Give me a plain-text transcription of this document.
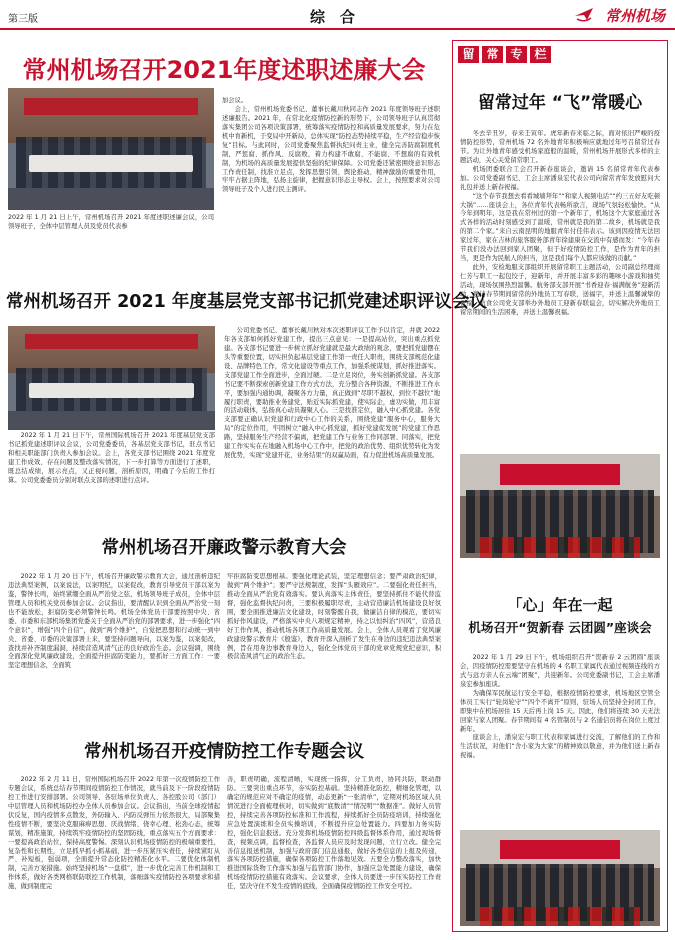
第三版	综　合	常州机场
常州机场召开2021年度述职述廉大会
2022 年 1 月 21 日上午，常州机场召开 2021 年度述职述廉会议，公司领导班子，全体中层管理人员及党员代表参

加会议。

会上，常州机场党委书记、董事长戴川秋同志作 2021 年度领导班子述职述廉报告。2021 年，在常北化疫情防控新的形势下，公司领导班子认真贯彻落实集团公司各项决策部署，统筹落实疫情防控和高质量发展要求，努力在危机中育新机，于变局中开新局，总体实现“防控态势持续平稳，生产经营稳步恢复”目标。与此同时，公司党委聚焦监督执纪问责主业，健全完善防腐制度机制，严惩腐、抓作风、反腐败，着力构建不敢腐、不能腐、不想腐的有效机制，为机场的高质量发展提供坚强的纪律保障。公司党委还紧密围绕意识形态工作责任制，找准立足点，发挥思想引领、舆论推动、精神激励的重要作用，牢牢占据主阵地，弘扬主旋律，把握意识形态主导权。会上，按照要求对公司领导班子及个人进行民主测评。

常州机场召开 2021 年度基层党支部书记抓党建述职评议会议
2022 年 1 月 21 日下午，常州国际机场召开 2021 年度基层党支部书记抓党建述职评议会议，公司党委委员，各基层党支部书记，驻点书记和相关职能部门负责人参加会议。会上，各党支部书记围绕 2021 年度党建工作成效、存在问题及整改落实情况，下一步打算等方面进行了述职，既总结成绩，展示亮点，又正视问题，剖析原因，明确了今后的工作打算。公司党委委员分别对联点支部的述职进行点评。

公司党委书记、董事长戴川秋对本次述职评议工作予以肯定，并就 2022 年各支部如何抓好党建工作，提出三点意见：一是提高站位，突出重点抓党建。各支部书记要进一步树立抓好党建就是最大政绩的观念，要把抓党建摆在头等重要位置，切实担负起基层党建工作第一责任人职责，围绕支部规范化建设、品牌特色工作，常文化建设等重点工作，加强系统谋划，抓好推进落实。支部党建工作全面进步，全面过硬。二是立足岗位，务实创新抓党建。各支部书记要不断探索创新党建工作方式方法，充分整合各种资源，不断推进工作水平，要加强内通协调，凝聚各方力量，真正做到“尽职不越权，到位不越位”地履行职责，要助推业务建党，贴近实际抓党建，使实际企，虚功实做，用丰富的活动载体，弘扬真心动员凝聚人心。三是找准定位，融入中心抓党建。各党支部要正确认识党建和行政中心工作的关系，围绕党建“服务中心，服务大局”的定位作用，牢固树立“融入中心抓党建，抓好党建促发展”的党建工作思路，坚持服务生产经营不偏离，把党建工作与业务工作同部署、同落实，把党建工作实实在在地融入机场中心工作中，把党的政治优势、组织优势转化为发展优势，实现“党建开花，业务结果”的双赢局面，有力促进机场高质量发展。

常州机场召开廉政警示教育大会

2022 年 1 月 20 日下午，机场召开廉政警示教育大会，通过剖析违纪违法典型案例，以案说法，以案明纪，以案促改，教育引导党员干部以案为鉴，警钟长鸣，始终紧绷全面从严治党之弦，机场领导班子成员，全体中层管理人员和机关党员参加会议。会议指出，要清醒认识到全面从严治党一刻也不能放松，拒腐防变必须警钟长鸣。机场全体党员干部要按照中央、省委、市委和东部机场集团党委关于全面从严治党的部署要求，进一步强化“四个意识”，增强“四个自信”，做到“两个维护”，自觉把思想和行动统一到中央、省委、市委的决策部署上来，要坚持问题导向，以案为鉴，以案促改，查找并补齐制度漏洞，持续营造风清气正的良好政治生态。会议强调，围绕全面深化党风廉政建设，全面提升拒腐防变能力，要抓好三方面工作：一要坚定理想信念，全面筑

牢拒腐防变思想根基。要强化理论武装，坚定理想信念；要严肃政治纪律，做到“两个维护”；要严守法规制度，发挥“头雁效应”。二要强化责任担当，推动全面从严治党有效落实。要认真落实主体责任，要坚持抓住不能代替监督，强化监督执纪问责，三要积极履职尽责，主动营造廉洁机场建设良好氛围，要全面推进廉洁文化建设，时刻警醒自我，做廉洁自律的模范，要切实抓好作风建设，严格落实中央八项规定精神，持之以恒纠治“四风”，营造良好工作作风，推动机场各项工作高质量发展。会上，全体人员观看了党风廉政建设警示教育片《殷鉴》，教育开深入剖析了发生在身边的违纪违法典型案例，旨在用身边事教育身边人，强化全体党员干部的党章党规党纪意识，积极营造风清气正的政治生态。

常州机场召开疫情防控工作专题会议

2022 年 2 月 11 日，常州国际机场召开 2022 年第一次疫情防控工作专题会议，系统总结春节期间疫情防控工作情况，就当前及下一阶段疫情防控工作进行安排部署。公司领导、各驻场单位负责人、各控股公司（部门）中层管理人员和机场防控办全体人员参加会议。会议指出，当前全球疫情起伏反复，国内疫情多点散发，外防输入、内防反弹压力依然很大，局部聚集性疫情不断，要坚决克服麻痹思想、厌战情绪、侥幸心理、松劲心态，统筹谋划，精准施策，持续筑牢疫情防控的坚固防线，重点落实五个方面要求：一要提高政治站位，保持高度警惕。深刻认识机场疫情防控的极端重要性，复杂性和长期性，立足抓早抓小抓基础，进一步压紧压实责任，持续紧盯从严、补短板，强弱项，全面提升常态化防控精准化水平。二要优化体制机制，完善方案措施。始终坚持机场“一盘棋”，进一步优化完善工作机制和工作体系，做好各类网格联防联控工作机制，落细落实疫情防控各项要求和措施，做到制度完

善，职责明确，流程清晰，实现统一指挥，分工负责，协同共防，联动群防。三要突出重点环节，夯实防控基础。坚持精准化防控，精细化管理，以确定的规范应对不确定的疫情，动态更新“一张清单”，定期对机场区域人员情况进行全面梳理核对，切实做到“底数清”“情况明”“数据准”。做好人员管控，持续完善各项防控标准和工作流程，持续抓好全员防疫培训，持续强化应急处置演练和全员实操培训，不断提升应急处置能力。四要加力务实防控，强化信息报送。充分发挥机场疫情防控四级监督体系作用，通过现场督查，视频点调，监督检查，各监督人员应及时发现问题，立行立改。健全完善信息报送机制，加强与政府部门信息通报，做好各类信息的上报及传递，落实各项防控措施，确保各项防控工作落地见效。五要全力整改落实，加快推进国际货物工作落实加强与监管部门协作，加强应急处置能力建设，确保机场疫情防控措施有效落实。会议要求，全体人员要进一步压实防控工作责任，坚决守住不发生疫情的底线，全面确保疫情防控工作安全可控。

留 常 专 栏
留常过年 “飞”常暖心

冬去辛丑岁，春来壬寅年。虎年新春来临之际，面对依旧严峻的疫情防控形势，常州机场 72 名外地青年积极响应就地过年号召留常过春节。为让外地青年感受机场家庭般的温暖，常州机场开展形式多样的主题活动，关心关爱留常职工。

机场团委联合工会召开新春座谈会，邀请 15 名留常青年代表参加。公司党委副书记、工会主席潘泉宏代表公司向留常青年发放慰问大礼包并送上新春祝福。

“这个春节我想去看看城墙拜年”“和家人视频电话”“约三五好友吃顿大锅”……座谈会上，各位青年代表畅所欲言，现场气氛轻松愉快。“从今年到明年，这是我在常州过的第一个新年了，机场这个大家庭通过各式各样的活动时刻感受到了温暖，常州就是我的第二故乡，机场就是我的第二个家。”来自云南昆明的地服青年付佳伟表示。该到因疫情无法回家过年，家在吉林的旅客服务部青年徐建康在交流中有感而发：“今年春节我们没办法回到家人团聚，但于好疫情防控工作，是作为青年的担当，更是作为民航人的担当，这是我们每个人都应该做的贡献。”

此外，安检地服支部组织开展留常职工主题活动，公司副总经理商仁芳与职工一起包饺子，迎新年，并开展丰富多彩的趣味小游戏和抽奖活动，现场氛围热烈温馨。航务部支部开展“书香迎春·福满航务”迎新活动，邀请春节期间留常的外地员工写春联，送福字，并送上温馨诚挚的祝福。航食公司党支部举办外地员工迎新春联谊会，切实解决外地员工留常期间的生活困难，并送上温馨祝福。

「心」年在一起
机场召开“贺新春 云团圆”座谈会

2022 年 1 月 29 日下午，机场组织召开“贺新春 2 云团圆”座谈会，因疫情防控需要坚守在机场的 4 名职工家属代表通过视频连线的方式与远方亲人在云端“团聚”，共迎新年。公司党委副书记，工会主席潘泉宏参加座谈。

为确保军民航运行安全平稳，根据疫情防控要求，机场地区空管全体员工实行“轮岗轮守”“四个不离开”原则，驻场人员坚持全封闭工作，即集中在机场居住 15 天后再上岗 15 天。因此，他们将连续 30 天无法回家与家人团聚。春节期间有 4 名管制员与 2 名通信员将在岗位上度过新年。

座谈会上，潘泉宏与职工代表和家属进行交流，了解他们的工作和生活状况，对他们“舍小家为大家”的精神致以敬意，并为他们送上新春祝福。
